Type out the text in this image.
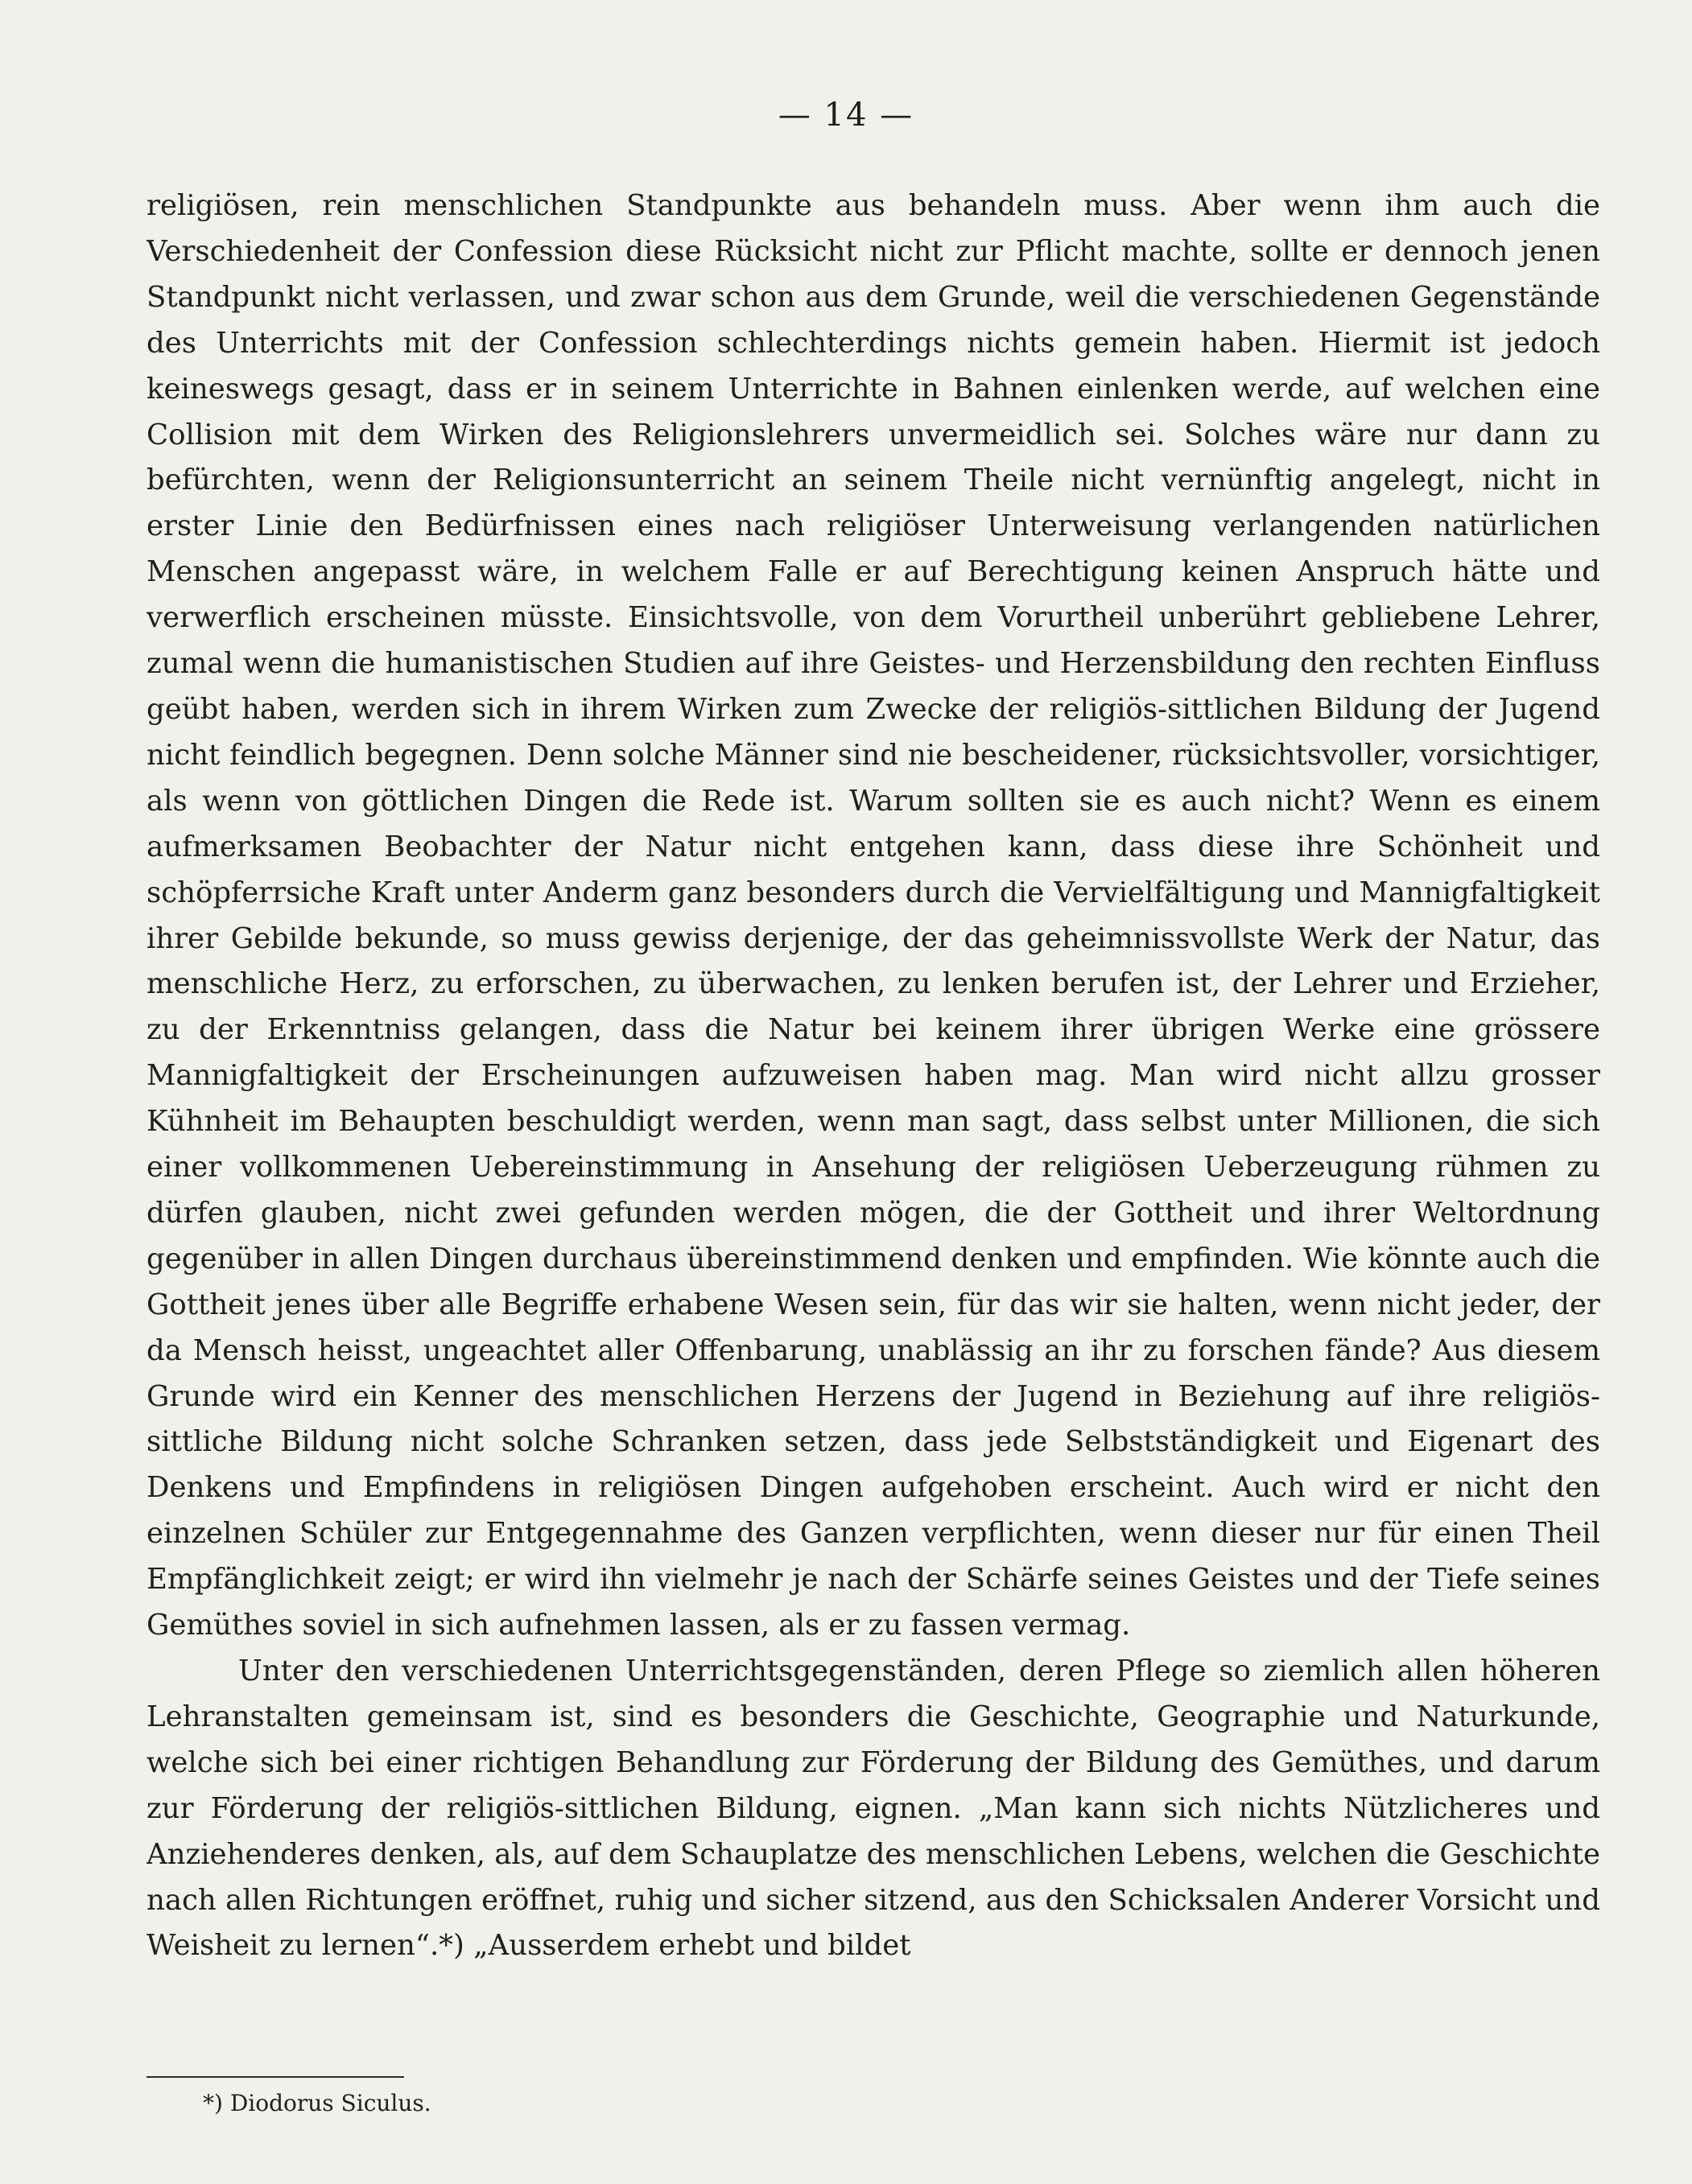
— 14 —

religiösen, rein menschlichen Standpunkte aus behandeln muss. Aber wenn ihm auch die Verschiedenheit der Confession diese Rücksicht nicht zur Pflicht machte, sollte er dennoch jenen Standpunkt nicht verlassen, und zwar schon aus dem Grunde, weil die verschiedenen Gegenstände des Unterrichts mit der Confession schlechterdings nichts gemein haben. Hiermit ist jedoch keineswegs gesagt, dass er in seinem Unterrichte in Bahnen einlenken werde, auf welchen eine Collision mit dem Wirken des Religionslehrers unvermeidlich sei. Solches wäre nur dann zu befürchten, wenn der Religionsunterricht an seinem Theile nicht vernünftig angelegt, nicht in erster Linie den Bedürfnissen eines nach religiöser Unterweisung verlangenden natürlichen Menschen angepasst wäre, in welchem Falle er auf Berechtigung keinen Anspruch hätte und verwerflich erscheinen müsste. Einsichtsvolle, von dem Vorurtheil unberührt gebliebene Lehrer, zumal wenn die humanistischen Studien auf ihre Geistes- und Herzensbildung den rechten Einfluss geübt haben, werden sich in ihrem Wirken zum Zwecke der religiös-sittlichen Bildung der Jugend nicht feindlich begegnen. Denn solche Männer sind nie bescheidener, rücksichtsvoller, vorsichtiger, als wenn von göttlichen Dingen die Rede ist. Warum sollten sie es auch nicht? Wenn es einem aufmerksamen Beobachter der Natur nicht entgehen kann, dass diese ihre Schönheit und schöpferrsiche Kraft unter Anderm ganz besonders durch die Vervielfältigung und Mannigfaltigkeit ihrer Gebilde bekunde, so muss gewiss derjenige, der das geheimnissvollste Werk der Natur, das menschliche Herz, zu erforschen, zu überwachen, zu lenken berufen ist, der Lehrer und Erzieher, zu der Erkenntniss gelangen, dass die Natur bei keinem ihrer übrigen Werke eine grössere Mannigfaltigkeit der Erscheinungen aufzuweisen haben mag. Man wird nicht allzu grosser Kühnheit im Behaupten beschuldigt werden, wenn man sagt, dass selbst unter Millionen, die sich einer vollkommenen Uebereinstimmung in Ansehung der religiösen Ueberzeugung rühmen zu dürfen glauben, nicht zwei gefunden werden mögen, die der Gottheit und ihrer Weltordnung gegenüber in allen Dingen durchaus übereinstimmend denken und empfinden. Wie könnte auch die Gottheit jenes über alle Begriffe erhabene Wesen sein, für das wir sie halten, wenn nicht jeder, der da Mensch heisst, ungeachtet aller Offenbarung, unablässig an ihr zu forschen fände? Aus diesem Grunde wird ein Kenner des menschlichen Herzens der Jugend in Beziehung auf ihre religiös-sittliche Bildung nicht solche Schranken setzen, dass jede Selbstständigkeit und Eigenart des Denkens und Empfindens in religiösen Dingen aufgehoben erscheint. Auch wird er nicht den einzelnen Schüler zur Entgegennahme des Ganzen verpflichten, wenn dieser nur für einen Theil Empfänglichkeit zeigt; er wird ihn vielmehr je nach der Schärfe seines Geistes und der Tiefe seines Gemüthes soviel in sich aufnehmen lassen, als er zu fassen vermag.

Unter den verschiedenen Unterrichtsgegenständen, deren Pflege so ziemlich allen höheren Lehranstalten gemeinsam ist, sind es besonders die Geschichte, Geographie und Naturkunde, welche sich bei einer richtigen Behandlung zur Förderung der Bildung des Gemüthes, und darum zur Förderung der religiös-sittlichen Bildung, eignen. „Man kann sich nichts Nützlicheres und Anziehenderes denken, als, auf dem Schauplatze des menschlichen Lebens, welchen die Geschichte nach allen Richtungen eröffnet, ruhig und sicher sitzend, aus den Schicksalen Anderer Vorsicht und Weisheit zu lernen“.*) „Ausserdem erhebt und bildet

*) Diodorus Siculus.
